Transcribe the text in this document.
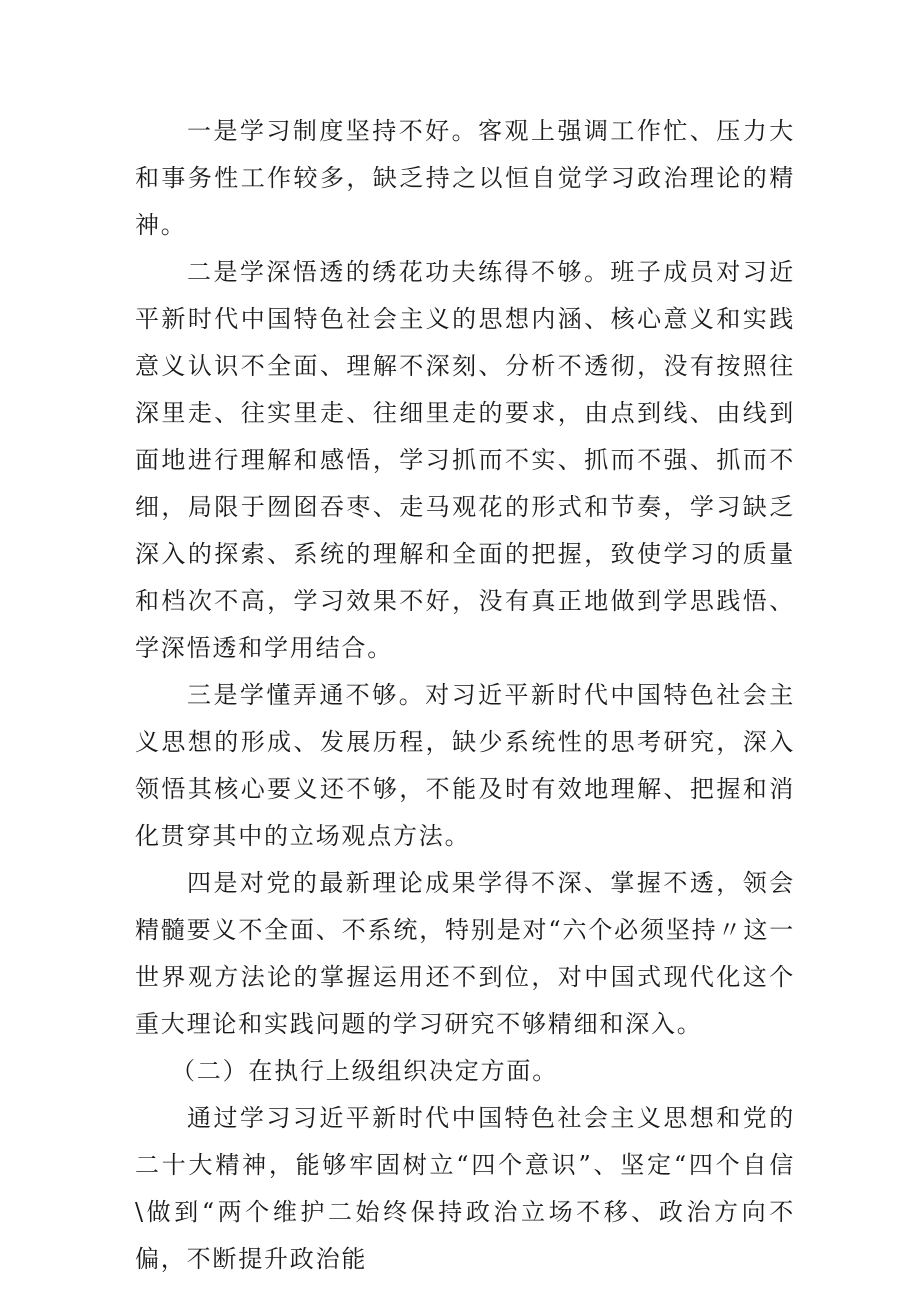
一是学习制度坚持不好。客观上强调工作忙、压力大和事务性工作较多，缺乏持之以恒自觉学习政治理论的精神。

二是学深悟透的绣花功夫练得不够。班子成员对习近平新时代中国特色社会主义的思想内涵、核心意义和实践意义认识不全面、理解不深刻、分析不透彻，没有按照往深里走、往实里走、往细里走的要求，由点到线、由线到面地进行理解和感悟，学习抓而不实、抓而不强、抓而不细，局限于囫囵吞枣、走马观花的形式和节奏，学习缺乏深入的探索、系统的理解和全面的把握，致使学习的质量和档次不高，学习效果不好，没有真正地做到学思践悟、学深悟透和学用结合。

三是学懂弄通不够。对习近平新时代中国特色社会主义思想的形成、发展历程，缺少系统性的思考研究，深入领悟其核心要义还不够，不能及时有效地理解、把握和消化贯穿其中的立场观点方法。

四是对党的最新理论成果学得不深、掌握不透，领会精髓要义不全面、不系统，特别是对“六个必须坚持〃这一世界观方法论的掌握运用还不到位，对中国式现代化这个重大理论和实践问题的学习研究不够精细和深入。

（二）在执行上级组织决定方面。

通过学习习近平新时代中国特色社会主义思想和党的二十大精神，能够牢固树立“四个意识”、坚定“四个自信\做到“两个维护二始终保持政治立场不移、政治方向不偏，不断提升政治能
